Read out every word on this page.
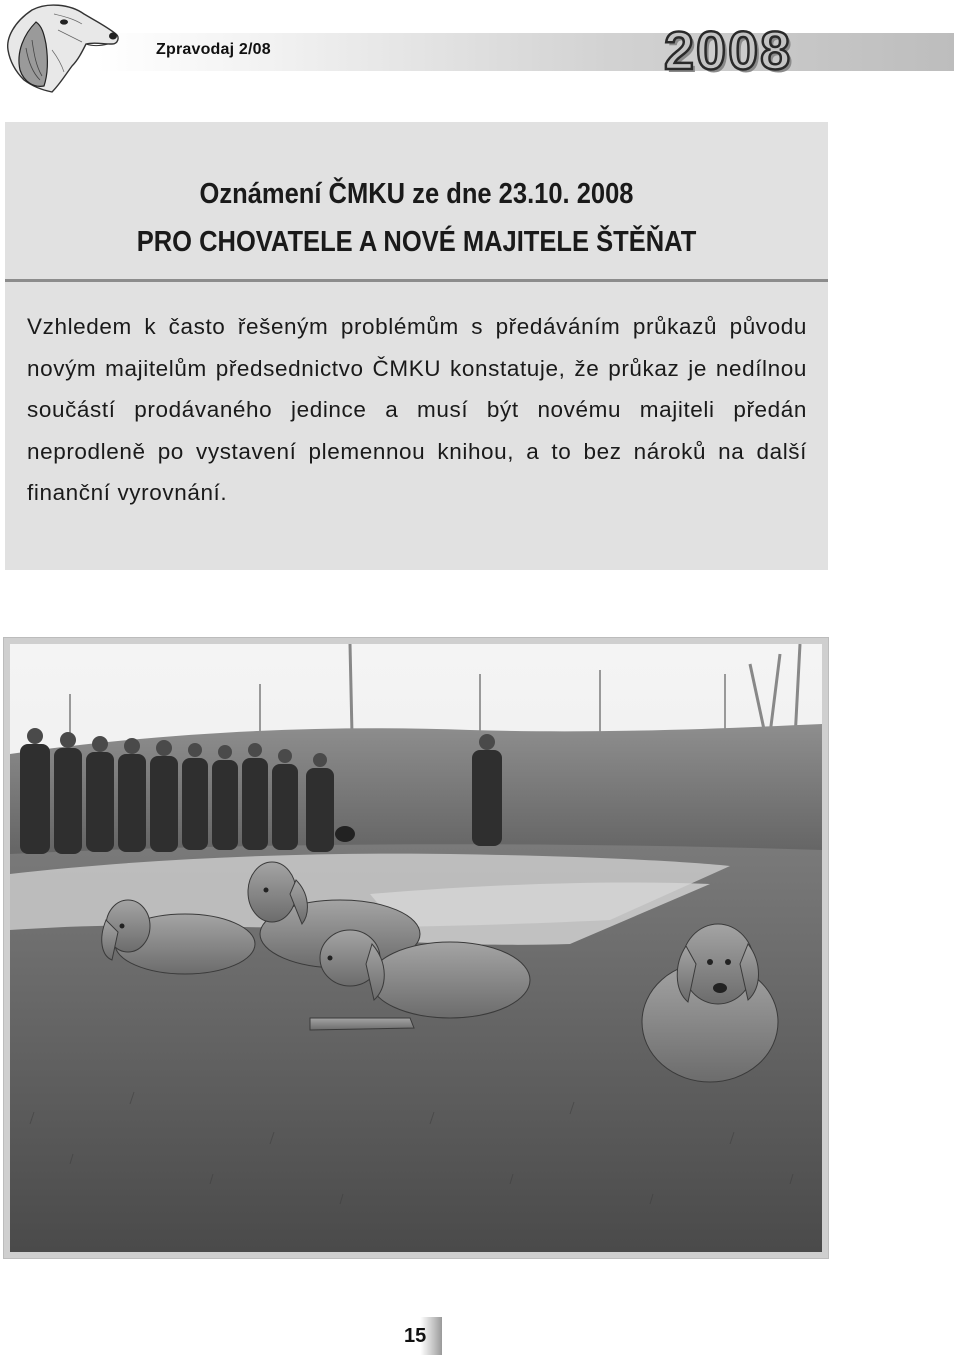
Zpravodaj 2/08	2008
Oznámení ČMKU ze dne 23.10. 2008
PRO CHOVATELE A NOVÉ MAJITELE ŠTĚŇAT

Vzhledem k často řešeným problémům s předáváním průkazů původu novým majitelům předsednictvo ČMKU konstatuje, že průkaz je nedílnou součástí prodávaného jedince a musí být novému majiteli předán neprodleně po vystavení plemennou knihou, a to bez nároků na další finanční vyrovnání.

15
